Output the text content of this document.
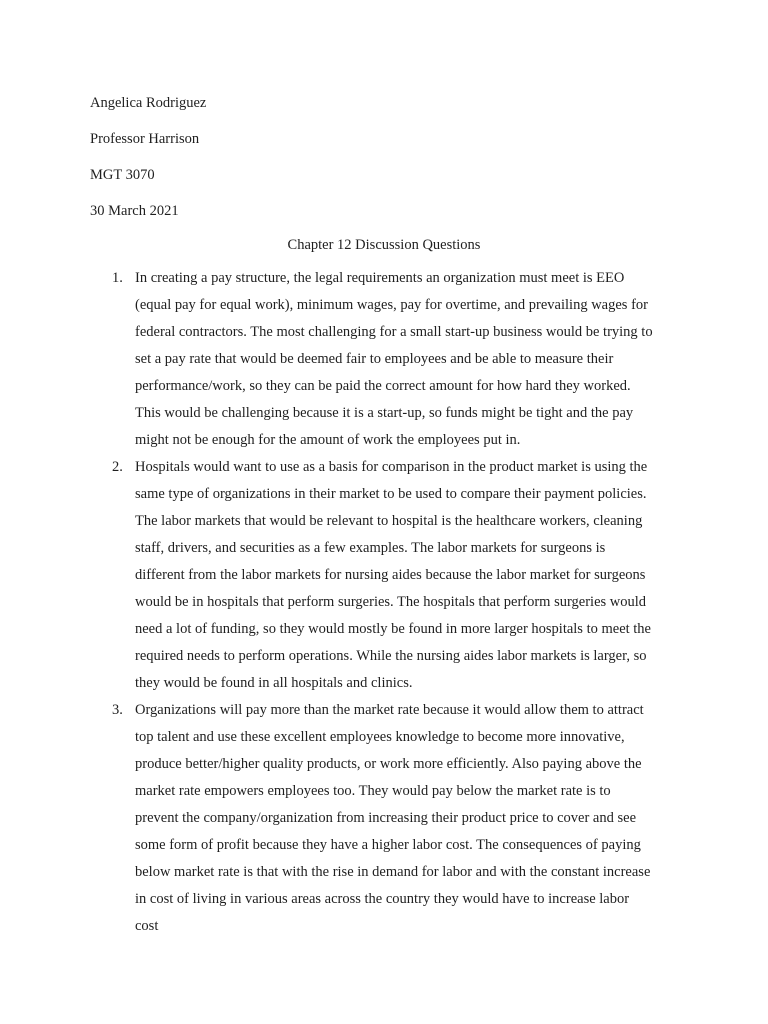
Angelica Rodriguez
Professor Harrison
MGT 3070
30 March 2021
Chapter 12 Discussion Questions
1. In creating a pay structure, the legal requirements an organization must meet is EEO
(equal pay for equal work), minimum wages, pay for overtime, and prevailing wages for
federal contractors. The most challenging for a small start-up business would be trying to
set a pay rate that would be deemed fair to employees and be able to measure their
performance/work, so they can be paid the correct amount for how hard they worked.
This would be challenging because it is a start-up, so funds might be tight and the pay
might not be enough for the amount of work the employees put in.
2. Hospitals would want to use as a basis for comparison in the product market is using the
same type of organizations in their market to be used to compare their payment policies.
The labor markets that would be relevant to hospital is the healthcare workers, cleaning
staff, drivers, and securities as a few examples. The labor markets for surgeons is
different from the labor markets for nursing aides because the labor market for surgeons
would be in hospitals that perform surgeries. The hospitals that perform surgeries would
need a lot of funding, so they would mostly be found in more larger hospitals to meet the
required needs to perform operations. While the nursing aides labor markets is larger, so
they would be found in all hospitals and clinics.
3. Organizations will pay more than the market rate because it would allow them to attract
top talent and use these excellent employees knowledge to become more innovative,
produce better/higher quality products, or work more efficiently. Also paying above the
market rate empowers employees too. They would pay below the market rate is to
prevent the company/organization from increasing their product price to cover and see
some form of profit because they have a higher labor cost. The consequences of paying
below market rate is that with the rise in demand for labor and with the constant increase
in cost of living in various areas across the country they would have to increase labor cost
